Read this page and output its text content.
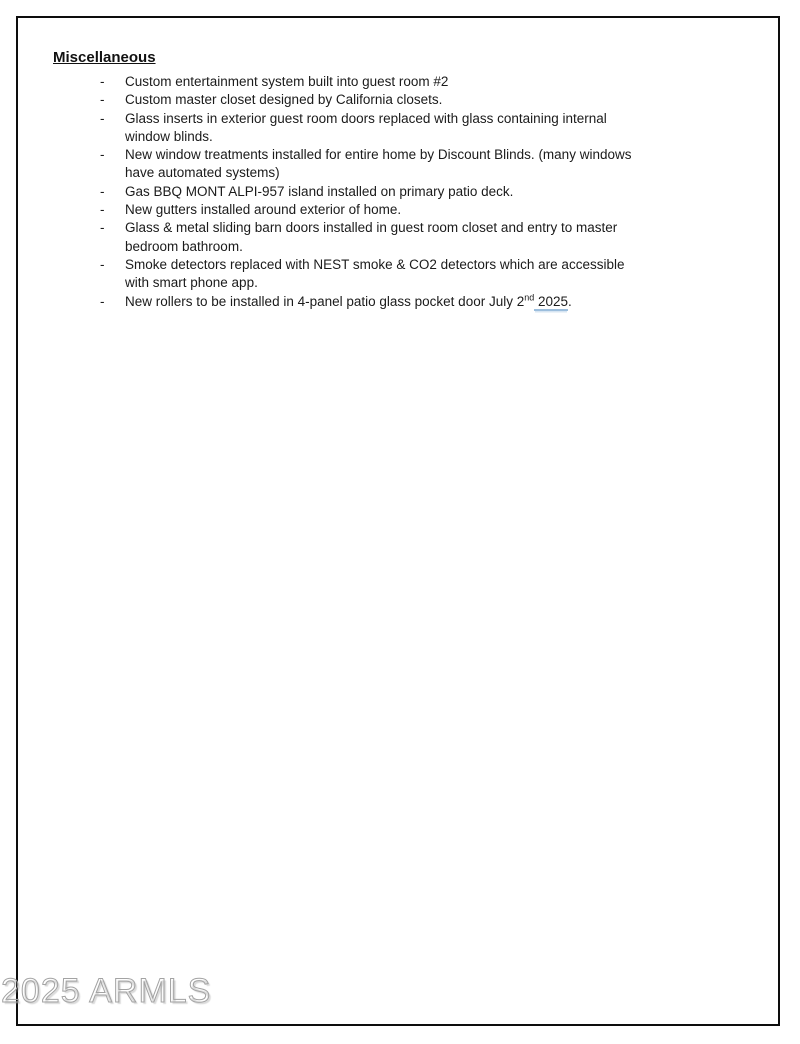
Miscellaneous
- Custom entertainment system built into guest room #2
- Custom master closet designed by California closets.
- Glass inserts in exterior guest room doors replaced with glass containing internal
window blinds.
- New window treatments installed for entire home by Discount Blinds. (many windows
have automated systems)
- Gas BBQ MONT ALPI-957 island installed on primary patio deck.
- New gutters installed around exterior of home.
- Glass & metal sliding barn doors installed in guest room closet and entry to master
bedroom bathroom.
- Smoke detectors replaced with NEST smoke & CO2 detectors which are accessible
with smart phone app.
- New rollers to be installed in 4-panel patio glass pocket door July 2nd 2025.
2025 ARMLS
